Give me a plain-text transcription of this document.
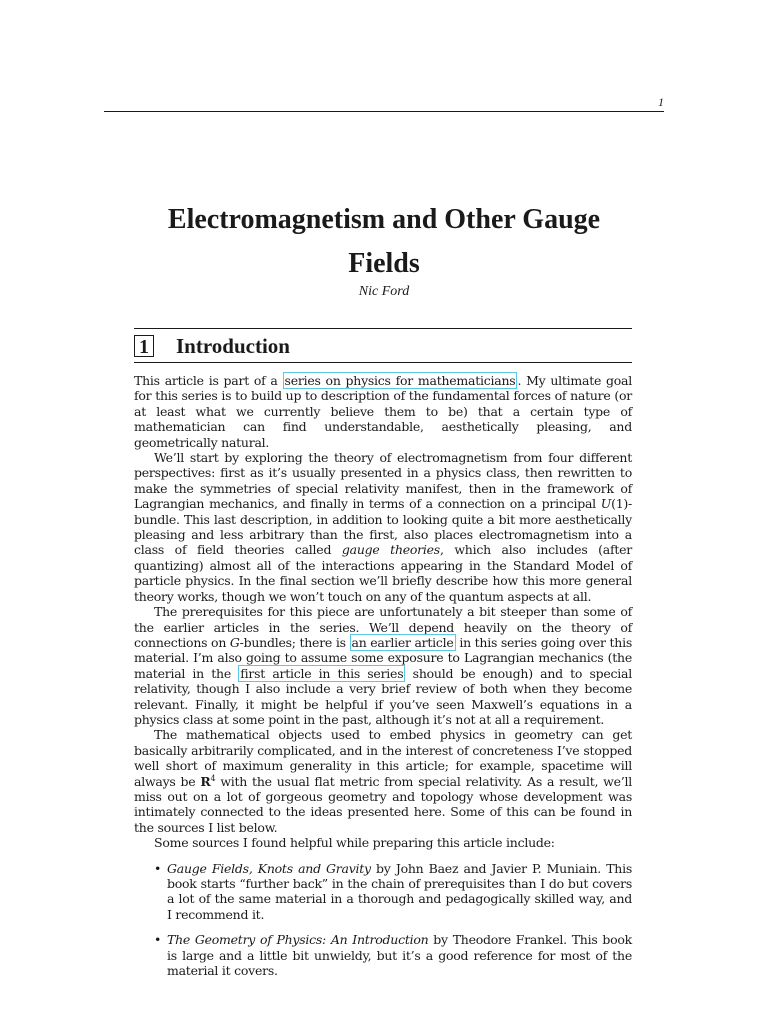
1
Electromagnetism and Other Gauge Fields
Nic Ford
1 Introduction

This article is part of a series on physics for mathematicians . My ultimate goal for this series is to build up to description of the fundamental forces of nature (or at least what we currently believe them to be) that a certain type of mathematician can find understandable, aesthetically pleasing, and geometrically natural.

We’ll start by exploring the theory of electromagnetism from four different perspectives: first as it’s usually presented in a physics class, then rewritten to make the symmetries of special relativity manifest, then in the framework of Lagrangian mechanics, and finally in terms of a connection on a principal U(1)-bundle. This last description, in addition to looking quite a bit more aesthetically pleasing and less arbitrary than the first, also places electromagnetism into a class of field theories called gauge theories, which also includes (after quantizing) almost all of the interactions appearing in the Standard Model of particle physics. In the final section we’ll briefly describe how this more general theory works, though we won’t touch on any of the quantum aspects at all.

The prerequisites for this piece are unfortunately a bit steeper than some of the earlier articles in the series. We’ll depend heavily on the theory of connections on G-bundles; there is an earlier article in this series going over this material. I’m also going to assume some exposure to Lagrangian mechanics (the material in the first article in this series should be enough) and to special relativity, though I also include a very brief review of both when they become relevant. Finally, it might be helpful if you’ve seen Maxwell’s equations in a physics class at some point in the past, although it’s not at all a requirement.

The mathematical objects used to embed physics in geometry can get basically arbitrarily complicated, and in the interest of concreteness I’ve stopped well short of maximum generality in this article; for example, spacetime will always be $R^4$ with the usual flat metric from special relativity. As a result, we’ll miss out on a lot of gorgeous geometry and topology whose development was intimately connected to the ideas presented here. Some of this can be found in the sources I list below.

Some sources I found helpful while preparing this article include:

• Gauge Fields, Knots and Gravity by John Baez and Javier P. Muniain. This book starts “further back” in the chain of prerequisites than I do but covers a lot of the same material in a thorough and pedagogically skilled way, and I recommend it.
• The Geometry of Physics: An Introduction by Theodore Frankel. This book is large and a little bit unwieldy, but it’s a good reference for most of the material it covers.
